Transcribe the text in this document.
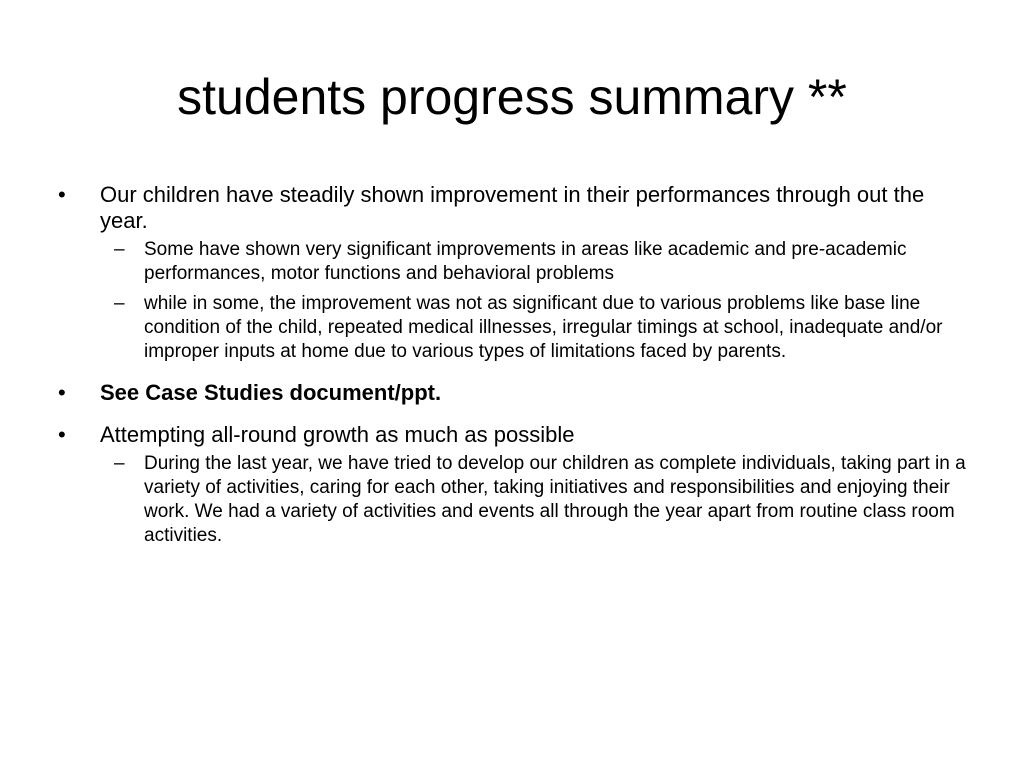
students progress summary **
•	Our children have steadily shown improvement in their performances through out the year.
–	Some have shown very significant improvements in areas like academic and pre-academic performances, motor functions and behavioral problems
–	while in some, the improvement was not as significant due to various problems like base line condition of the child, repeated medical illnesses, irregular timings at school, inadequate and/or improper inputs at home due to various types of limitations faced by parents.
•	See Case Studies document/ppt.
•	Attempting all-round growth as much as possible
–	During the last year, we have tried to develop our children as complete individuals, taking part in a variety of activities, caring for each other, taking initiatives and responsibilities and enjoying their work. We had a variety of activities and events all through the year apart from routine class room activities.
